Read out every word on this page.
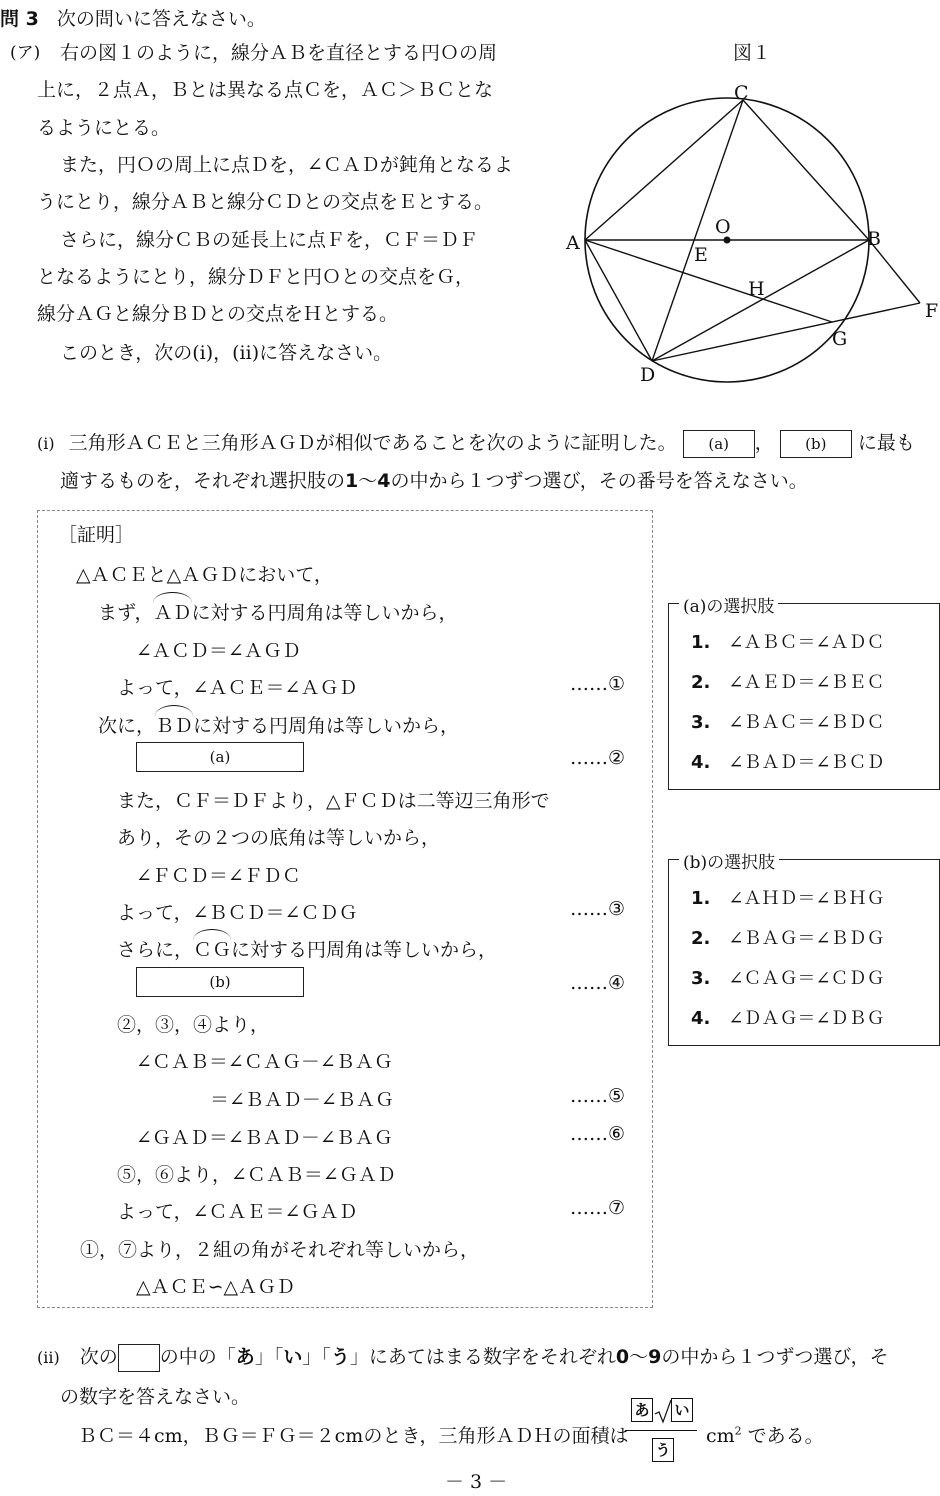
問 3 次の問いに答えなさい。
(ア) 右の図１のように，線分ＡＢを直径とする円Ｏの周
上に，２点Ａ，Ｂとは異なる点Ｃを，ＡＣ＞ＢＣとな
るようにとる。
また，円Ｏの周上に点Ｄを，∠ＣＡＤが鈍角となるよ
うにとり，線分ＡＢと線分ＣＤとの交点をＥとする。
さらに，線分ＣＢの延長上に点Ｆを，ＣＦ＝ＤＦ
となるようにとり，線分ＤＦと円Ｏとの交点をＧ，
線分ＡＧと線分ＢＤとの交点をＨとする。
このとき，次の(ⅰ)，(ⅱ)に答えなさい。
図１
A	B
C
D
E
F
G
H
O
(ⅰ) 三角形ＡＣＥと三角形ＡＧＤが相似であることを次のように証明した。 (a) ， (b) に最も
適するものを，それぞれ選択肢の1～4の中から１つずつ選び，その番号を答えなさい。
［証明］
△ＡＣＥと△ＡＧＤにおいて，
まず，ＡＤに対する円周角は等しいから，
∠ＡＣＤ＝∠ＡＧＤ
よって，∠ＡＣＥ＝∠ＡＧＤ	……①
次に，ＢＤに対する円周角は等しいから，
(a)	……②
また，ＣＦ＝ＤＦより，△ＦＣＤは二等辺三角形で
あり，その２つの底角は等しいから，
∠ＦＣＤ＝∠ＦＤＣ
よって，∠ＢＣＤ＝∠ＣＤＧ	……③
さらに，ＣＧに対する円周角は等しいから，
(b)	……④
②，③，④より，
∠ＣＡＢ＝∠ＣＡＧ－∠ＢＡＧ
＝∠ＢＡＤ－∠ＢＡＧ	……⑤
∠ＧＡＤ＝∠ＢＡＤ－∠ＢＡＧ	……⑥
⑤，⑥より，∠ＣＡＢ＝∠ＧＡＤ
よって，∠ＣＡＥ＝∠ＧＡＤ	……⑦
①，⑦より，２組の角がそれぞれ等しいから，
△ＡＣＥ∽△ＡＧＤ
(a)の選択肢
1. ∠ＡＢＣ＝∠ＡＤＣ
2. ∠ＡＥＤ＝∠ＢＥＣ
3. ∠ＢＡＣ＝∠ＢＤＣ
4. ∠ＢＡＤ＝∠ＢＣＤ
(b)の選択肢
1. ∠ＡＨＤ＝∠ＢＨＧ
2. ∠ＢＡＧ＝∠ＢＤＧ
3. ∠ＣＡＧ＝∠ＣＤＧ
4. ∠ＤＡＧ＝∠ＤＢＧ
(ⅱ) 次の の中の「あ」「い」「う」にあてはまる数字をそれぞれ0～9の中から１つずつ選び，そ
の数字を答えなさい。
ＢＣ＝４cm，ＢＧ＝ＦＧ＝２cmのとき，三角形ＡＤＨの面積は
あ い
う
$cm^2$ である。
－ 3 －
